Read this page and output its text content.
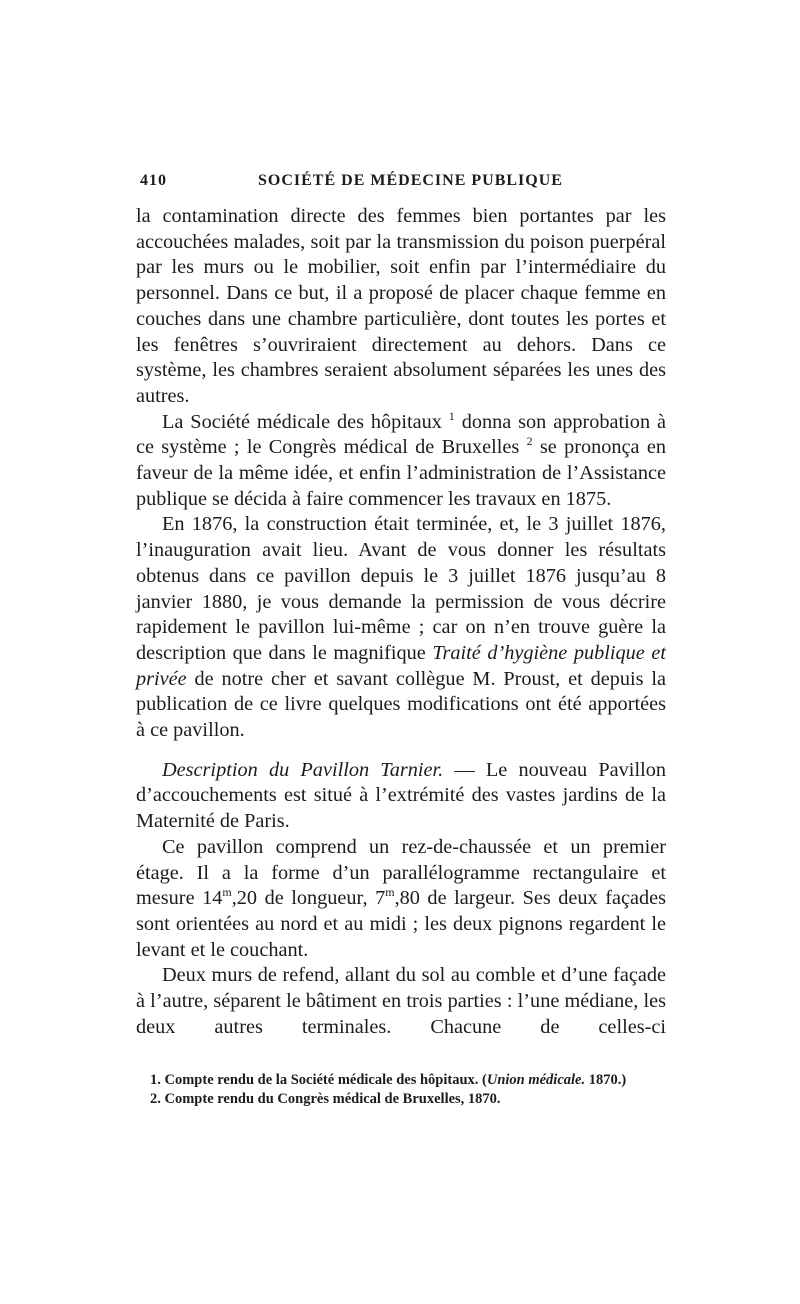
410	SOCIÉTÉ DE MÉDECINE PUBLIQUE

la contamination directe des femmes bien portantes par les accouchées malades, soit par la transmission du poison puerpéral par les murs ou le mobilier, soit enfin par l’intermédiaire du personnel. Dans ce but, il a proposé de placer chaque femme en couches dans une chambre particulière, dont toutes les portes et les fenêtres s’ouvriraient directement au dehors. Dans ce système, les chambres seraient absolument séparées les unes des autres.

La Société médicale des hôpitaux $^1$ donna son approbation à ce système ; le Congrès médical de Bruxelles $^2$ se prononça en faveur de la même idée, et enfin l’administration de l’Assistance publique se décida à faire commencer les travaux en 1875.

En 1876, la construction était terminée, et, le 3 juillet 1876, l’inauguration avait lieu. Avant de vous donner les résultats obtenus dans ce pavillon depuis le 3 juillet 1876 jusqu’au 8 janvier 1880, je vous demande la permission de vous décrire rapidement le pavillon lui-même ; car on n’en trouve guère la description que dans le magnifique Traité d’hygiène publique et privée de notre cher et savant collègue M. Proust, et depuis la publication de ce livre quelques modifications ont été apportées à ce pavillon.

Description du Pavillon Tarnier. — Le nouveau Pavillon d’accouchements est situé à l’extrémité des vastes jardins de la Maternité de Paris.

Ce pavillon comprend un rez-de-chaussée et un premier étage. Il a la forme d’un parallélogramme rectangulaire et mesure 14$^m$,20 de longueur, 7$^m$,80 de largeur. Ses deux façades sont orientées au nord et au midi ; les deux pignons regardent le levant et le couchant.

Deux murs de refend, allant du sol au comble et d’une façade à l’autre, séparent le bâtiment en trois parties : l’une médiane, les deux autres terminales. Chacune de celles-ci

1. Compte rendu de la Société médicale des hôpitaux. (Union médicale. 1870.)

2. Compte rendu du Congrès médical de Bruxelles, 1870.
